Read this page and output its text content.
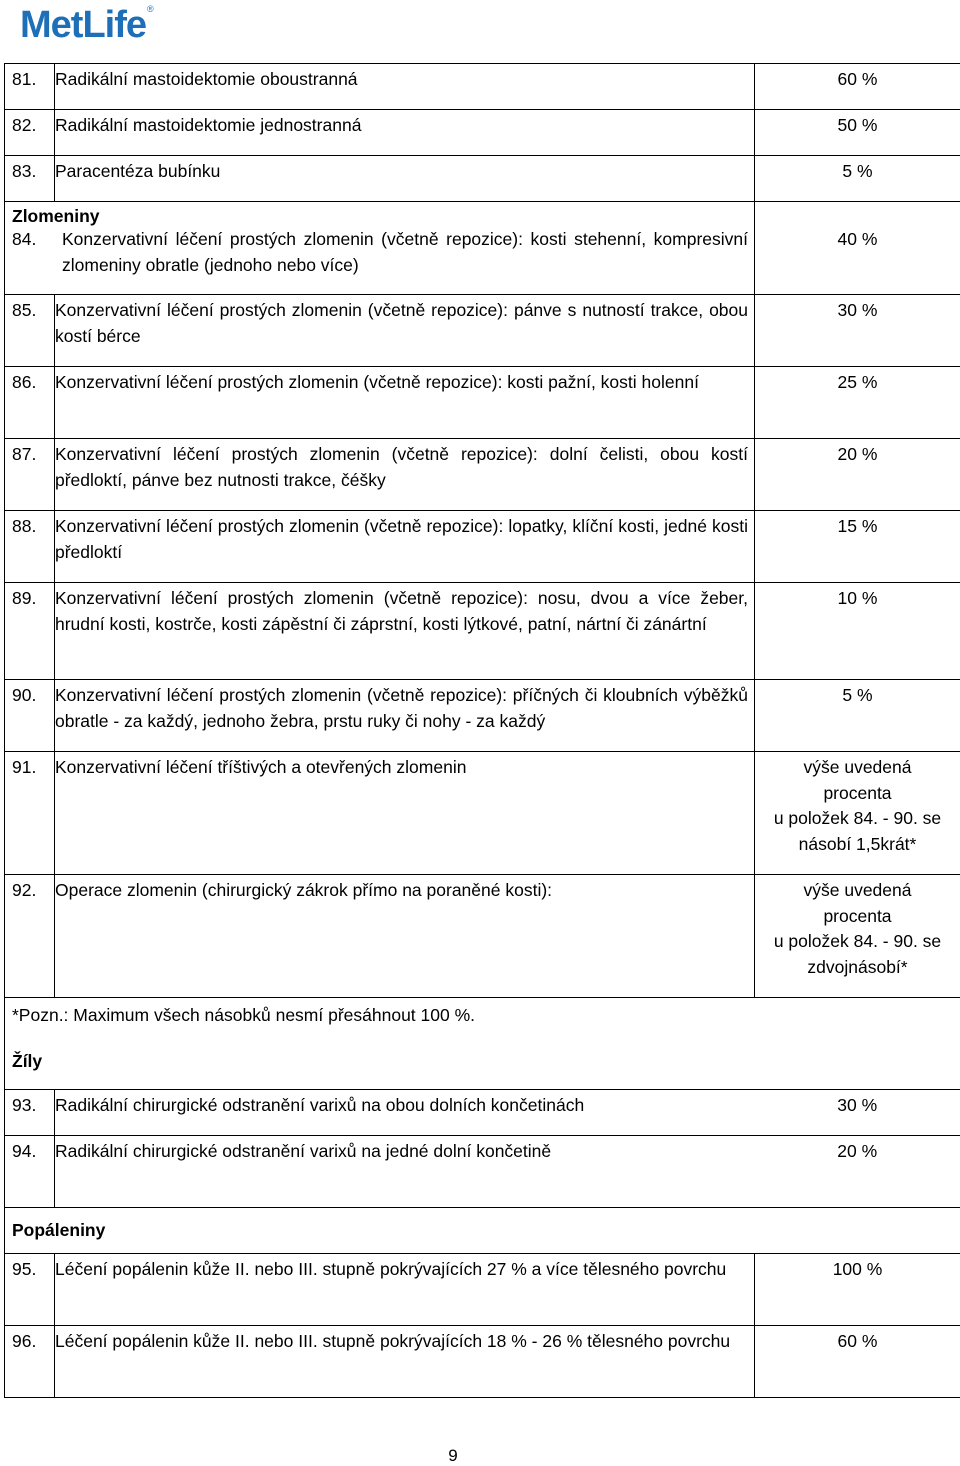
MetLife®
81.	Radikální mastoidektomie oboustranná	60 %
82.	Radikální mastoidektomie jednostranná	50 %
83.	Paracentéza bubínku	5 %

Zlomeniny
84. Konzervativní léčení prostých zlomenin (včetně repozice): kosti stehenní, kompresivní zlomeniny obratle (jednoho nebo více)		40 %
85.	Konzervativní léčení prostých zlomenin (včetně repozice): pánve s nutností trakce, obou kostí bérce	30 %
86.	Konzervativní léčení prostých zlomenin (včetně repozice): kosti pažní, kosti holenní	25 %
87.	Konzervativní léčení prostých zlomenin (včetně repozice): dolní čelisti, obou kostí předloktí, pánve bez nutnosti trakce, čéšky	20 %
88.	Konzervativní léčení prostých zlomenin (včetně repozice): lopatky, klíční kosti, jedné kosti předloktí	15 %
89.	Konzervativní léčení prostých zlomenin (včetně repozice): nosu, dvou a více žeber, hrudní kosti, kostrče, kosti zápěstní či záprstní, kosti lýtkové, patní, nártní či zánártní	10 %
90.	Konzervativní léčení prostých zlomenin (včetně repozice): příčných či kloubních výběžků obratle - za každý, jednoho žebra, prstu ruky či nohy - za každý	5 %
91.	Konzervativní léčení tříštivých a otevřených zlomenin	výše uvedená
procenta
u položek 84. - 90. se
násobí 1,5krát*

92.	Operace zlomenin (chirurgický zákrok přímo na poraněné kosti):	výše uvedená
procenta
u položek 84. - 90. se
zdvojnásobí*

*Pozn.: Maximum všech násobků nesmí přesáhnout 100 %.
Žíly		

93.	Radikální chirurgické odstranění varixů na obou dolních končetinách	30 %
94.	Radikální chirurgické odstranění varixů na jedné dolní končetině	20 %
Popáleniny		
95.	Léčení popálenin kůže II. nebo III. stupně pokrývajících 27 % a více tělesného povrchu	100 %
96.	Léčení popálenin kůže II. nebo III. stupně pokrývajících 18 % - 26 % tělesného povrchu	60 %
9
